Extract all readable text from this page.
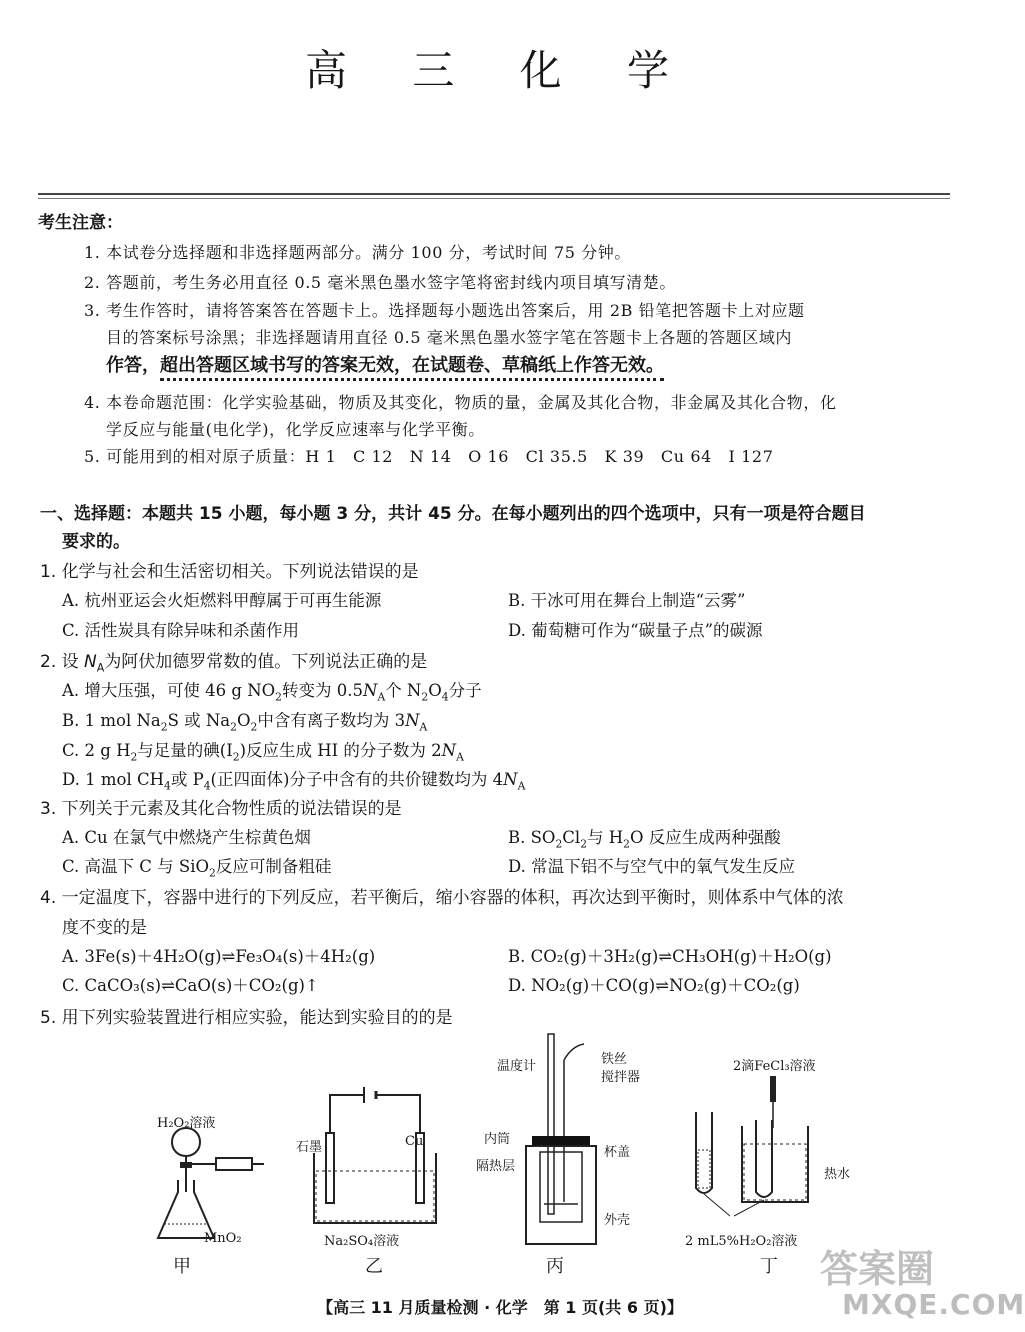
高 三 化 学
考生注意：
1. 本试卷分选择题和非选择题两部分。满分 100 分，考试时间 75 分钟。
2. 答题前，考生务必用直径 0.5 毫米黑色墨水签字笔将密封线内项目填写清楚。
3. 考生作答时，请将答案答在答题卡上。选择题每小题选出答案后，用 2B 铅笔把答题卡上对应题
目的答案标号涂黑；非选择题请用直径 0.5 毫米黑色墨水签字笔在答题卡上各题的答题区域内
作答，超出答题区域书写的答案无效，在试题卷、草稿纸上作答无效。
4. 本卷命题范围：化学实验基础，物质及其变化，物质的量，金属及其化合物，非金属及其化合物，化
学反应与能量(电化学)，化学反应速率与化学平衡。
5. 可能用到的相对原子质量：H 1　C 12　N 14　O 16　Cl 35.5　K 39　Cu 64　I 127
一、选择题：本题共 15 小题，每小题 3 分，共计 45 分。在每小题列出的四个选项中，只有一项是符合题目
要求的。
1. 化学与社会和生活密切相关。下列说法错误的是
A. 杭州亚运会火炬燃料甲醇属于可再生能源	B. 干冰可用在舞台上制造“云雾”
C. 活性炭具有除异味和杀菌作用	D. 葡萄糖可作为“碳量子点”的碳源
2. 设 $N_A$为阿伏加德罗常数的值。下列说法正确的是
A. 增大压强，可使 46 g $NO_2$转变为 $0.5N_A$个 $N_2O_4$分子
B. 1 mol $Na_2S$ 或 $Na_2O_2$中含有离子数均为 $3N_A$
C. 2 g $H_2$与足量的碘$(I_2)$反应生成 HI 的分子数为 $2N_A$
D. 1 mol $CH_4$或 $P_4$(正四面体)分子中含有的共价键数均为 $4N_A$
3. 下列关于元素及其化合物性质的说法错误的是
A. Cu 在氯气中燃烧产生棕黄色烟	B. $SO_2Cl_2$与 $H_2O$ 反应生成两种强酸
C. 高温下 C 与 SiO$_2$反应可制备粗硅	D. 常温下铝不与空气中的氧气发生反应
4. 一定温度下，容器中进行的下列反应，若平衡后，缩小容器的体积，再次达到平衡时，则体系中气体的浓
度不变的是
A. 3Fe(s)＋4H₂O(g)⇌Fe₃O₄(s)＋4H₂(g)	B. CO₂(g)＋3H₂(g)⇌CH₃OH(g)＋H₂O(g)
C. CaCO₃(s)⇌CaO(s)＋CO₂(g)↑	D. NO₂(g)＋CO(g)⇌NO₂(g)＋CO₂(g)
5. 用下列实验装置进行相应实验，能达到实验目的的是
H₂O₂溶液
MnO₂
甲
石墨	Cu
Na₂SO₄溶液
乙
温度计	铁丝
搅拌器
内筒
杯盖
隔热层
外壳
丙
2滴FeCl₃溶液
热水
2 mL5%H₂O₂溶液
丁
【高三 11 月质量检测 · 化学　第 1 页(共 6 页)】
答案圈
MXQE.COM
